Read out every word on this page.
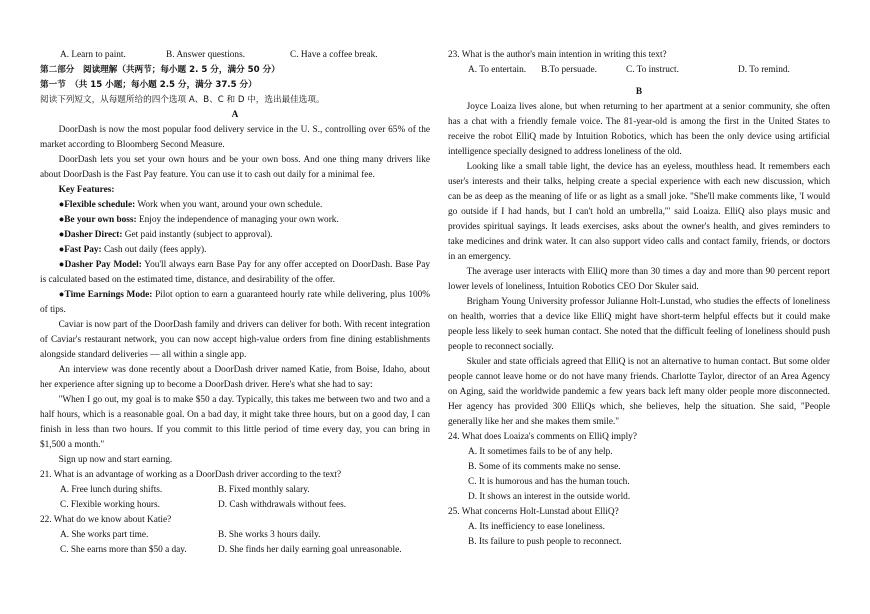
A. Learn to paint.	B. Answer questions.	C. Have a coffee break.

第二部分　阅读理解（共两节；每小题 2. 5 分，满分 50 分）

第一节　（共 15 小题；每小题 2.5 分，满分 37.5 分）

阅读下列短文，从每题所给的四个选项 A、B、C 和 D 中，选出最佳选项。

A

DoorDash is now the most popular food delivery service in the U. S., controlling over 65% of the market according to Bloomberg Second Measure.

DoorDash lets you set your own hours and be your own boss. And one thing many drivers like about DoorDash is the Fast Pay feature. You can use it to cash out daily for a minimal fee.

Key Features:

●Flexible schedule: Work when you want, around your own schedule.

●Be your own boss: Enjoy the independence of managing your own work.

●Dasher Direct: Get paid instantly (subject to approval).

●Fast Pay: Cash out daily (fees apply).

●Dasher Pay Model: You'll always earn Base Pay for any offer accepted on DoorDash. Base Pay is calculated based on the estimated time, distance, and desirability of the offer.

●Time Earnings Mode: Pilot option to earn a guaranteed hourly rate while delivering, plus 100% of tips.

Caviar is now part of the DoorDash family and drivers can deliver for both. With recent integration of Caviar's restaurant network, you can now accept high-value orders from fine dining establishments alongside standard deliveries — all within a single app.

An interview was done recently about a DoorDash driver named Katie, from Boise, Idaho, about her experience after signing up to become a DoorDash driver. Here's what she had to say:

"When I go out, my goal is to make $50 a day. Typically, this takes me between two and two and a half hours, which is a reasonable goal. On a bad day, it might take three hours, but on a good day, I can finish in less than two hours. If you commit to this little period of time every day, you can bring in $1,500 a month."

Sign up now and start earning.

21. What is an advantage of working as a DoorDash driver according to the text?

A. Free lunch during shifts.	B. Fixed monthly salary.
C. Flexible working hours.	D. Cash withdrawals without fees.

22. What do we know about Katie?

A. She works part time.	B. She works 3 hours daily.
C. She earns more than $50 a day.	D. She finds her daily earning goal unreasonable.

23. What is the author's main intention in writing this text?

A. To entertain.	B.To persuade.	C. To instruct.	D. To remind.

B

Joyce Loaiza lives alone, but when returning to her apartment at a senior community, she often has a chat with a friendly female voice. The 81-year-old is among the first in the United States to receive the robot ElliQ made by Intuition Robotics, which has been the only device using artificial intelligence specially designed to address loneliness of the old.

Looking like a small table light, the device has an eyeless, mouthless head. It remembers each user's interests and their talks, helping create a special experience with each new discussion, which can be as deep as the meaning of life or as light as a small joke. "She'll make comments like, 'I would go outside if I had hands, but I can't hold an umbrella,'" said Loaiza. ElliQ also plays music and provides spiritual sayings. It leads exercises, asks about the owner's health, and gives reminders to take medicines and drink water. It can also support video calls and contact family, friends, or doctors in an emergency.

The average user interacts with ElliQ more than 30 times a day and more than 90 percent report lower levels of loneliness, Intuition Robotics CEO Dor Skuler said.

Brigham Young University professor Julianne Holt-Lunstad, who studies the effects of loneliness on health, worries that a device like ElliQ might have short-term helpful effects but it could make people less likely to seek human contact. She noted that the difficult feeling of loneliness should push people to reconnect socially.

Skuler and state officials agreed that ElliQ is not an alternative to human contact. But some older people cannot leave home or do not have many friends. Charlotte Taylor, director of an Area Agency on Aging, said the worldwide pandemic a few years back left many older people more disconnected. Her agency has provided 300 ElliQs which, she believes, help the situation. She said, "People generally like her and she makes them smile."

24. What does Loaiza's comments on ElliQ imply?

A. It sometimes fails to be of any help.
B. Some of its comments make no sense.
C. It is humorous and has the human touch.
D. It shows an interest in the outside world.

25. What concerns Holt-Lunstad about ElliQ?

A. Its inefficiency to ease loneliness.
B. Its failure to push people to reconnect.
